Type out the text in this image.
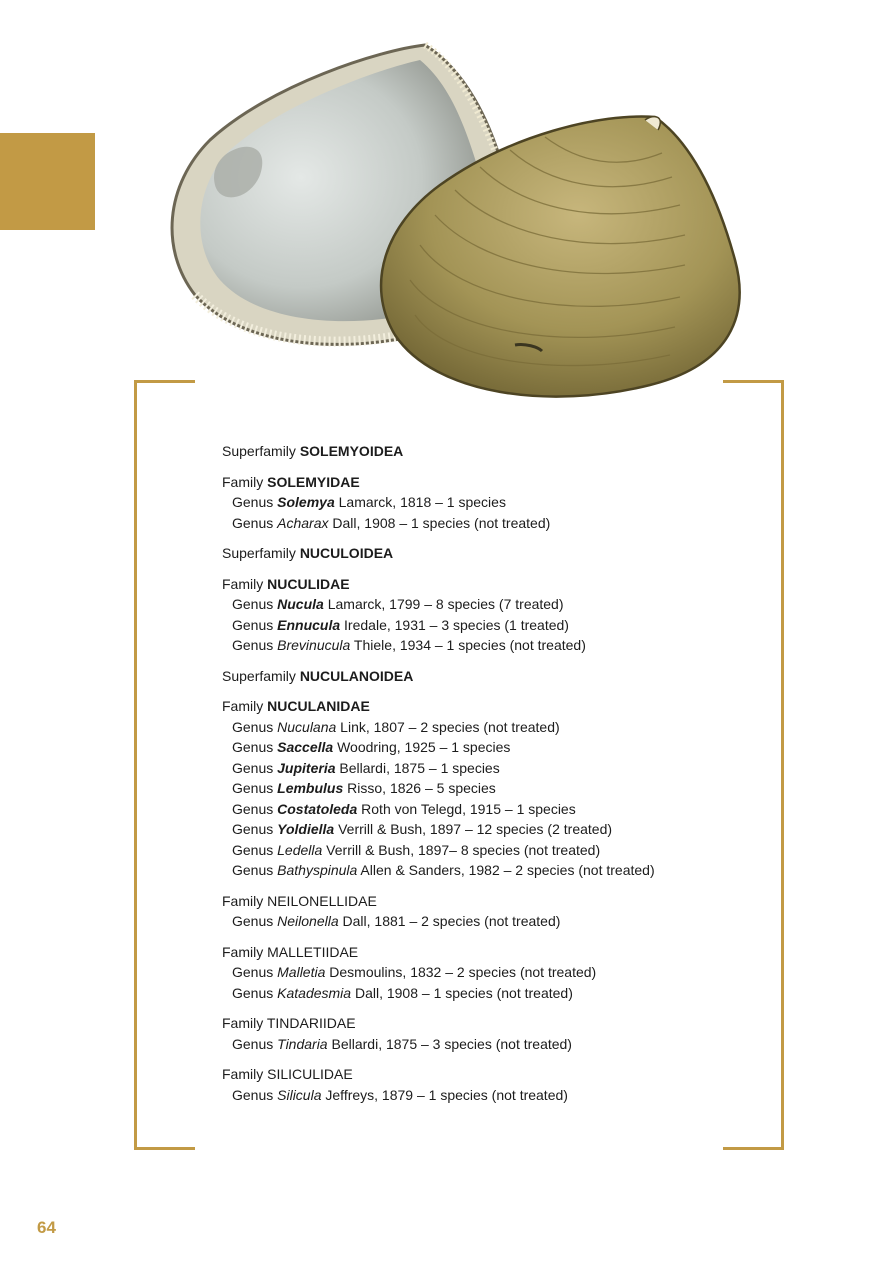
Superfamily SOLEMYOIDEA
Family SOLEMYIDAE
Genus Solemya Lamarck, 1818 – 1 species
Genus Acharax Dall, 1908 – 1 species (not treated)
Superfamily NUCULOIDEA
Family NUCULIDAE
Genus Nucula Lamarck, 1799 – 8 species (7 treated)
Genus Ennucula Iredale, 1931 – 3 species (1 treated)
Genus Brevinucula Thiele, 1934 – 1 species (not treated)
Superfamily NUCULANOIDEA
Family NUCULANIDAE
Genus Nuculana Link, 1807 – 2 species (not treated)
Genus Saccella Woodring, 1925 – 1 species
Genus Jupiteria Bellardi, 1875 – 1 species
Genus Lembulus Risso, 1826 – 5 species
Genus Costatoleda Roth von Telegd, 1915 – 1 species
Genus Yoldiella Verrill & Bush, 1897 – 12 species (2 treated)
Genus Ledella Verrill & Bush, 1897– 8 species (not treated)
Genus Bathyspinula Allen & Sanders, 1982 – 2 species (not treated)
Family NEILONELLIDAE
Genus Neilonella Dall, 1881 – 2 species (not treated)
Family MALLETIIDAE
Genus Malletia Desmoulins, 1832 – 2 species (not treated)
Genus Katadesmia Dall, 1908 – 1 species (not treated)
Family TINDARIIDAE
Genus Tindaria Bellardi, 1875 – 3 species (not treated)
Family SILICULIDAE
Genus Silicula Jeffreys, 1879 – 1 species (not treated)
64
